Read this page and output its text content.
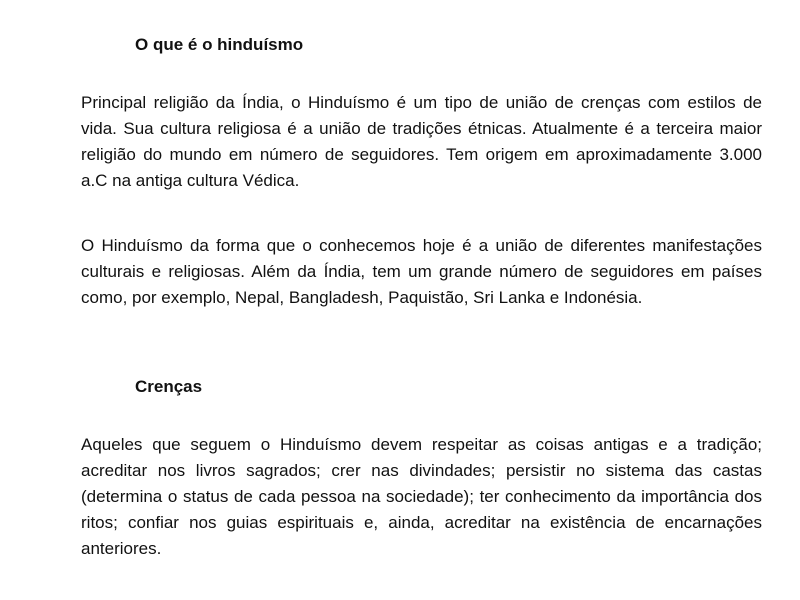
O que é o hinduísmo

Principal religião da Índia, o Hinduísmo é um tipo de união de crenças com estilos de vida. Sua cultura religiosa é a união de tradições étnicas. Atualmente é a terceira maior religião do mundo em número de seguidores. Tem origem em aproximadamente 3.000 a.C na antiga cultura Védica.

O Hinduísmo da forma que o conhecemos hoje é a união de diferentes manifestações culturais e religiosas. Além da Índia, tem um grande número de seguidores em países como, por exemplo, Nepal, Bangladesh, Paquistão, Sri Lanka e Indonésia.

Crenças

Aqueles que seguem o Hinduísmo devem respeitar as coisas antigas e a tradição; acreditar nos livros sagrados; crer nas divindades; persistir no sistema das castas (determina o status de cada pessoa na sociedade); ter conhecimento da importância dos ritos; confiar nos guias espirituais e, ainda, acreditar na existência de encarnações anteriores.
